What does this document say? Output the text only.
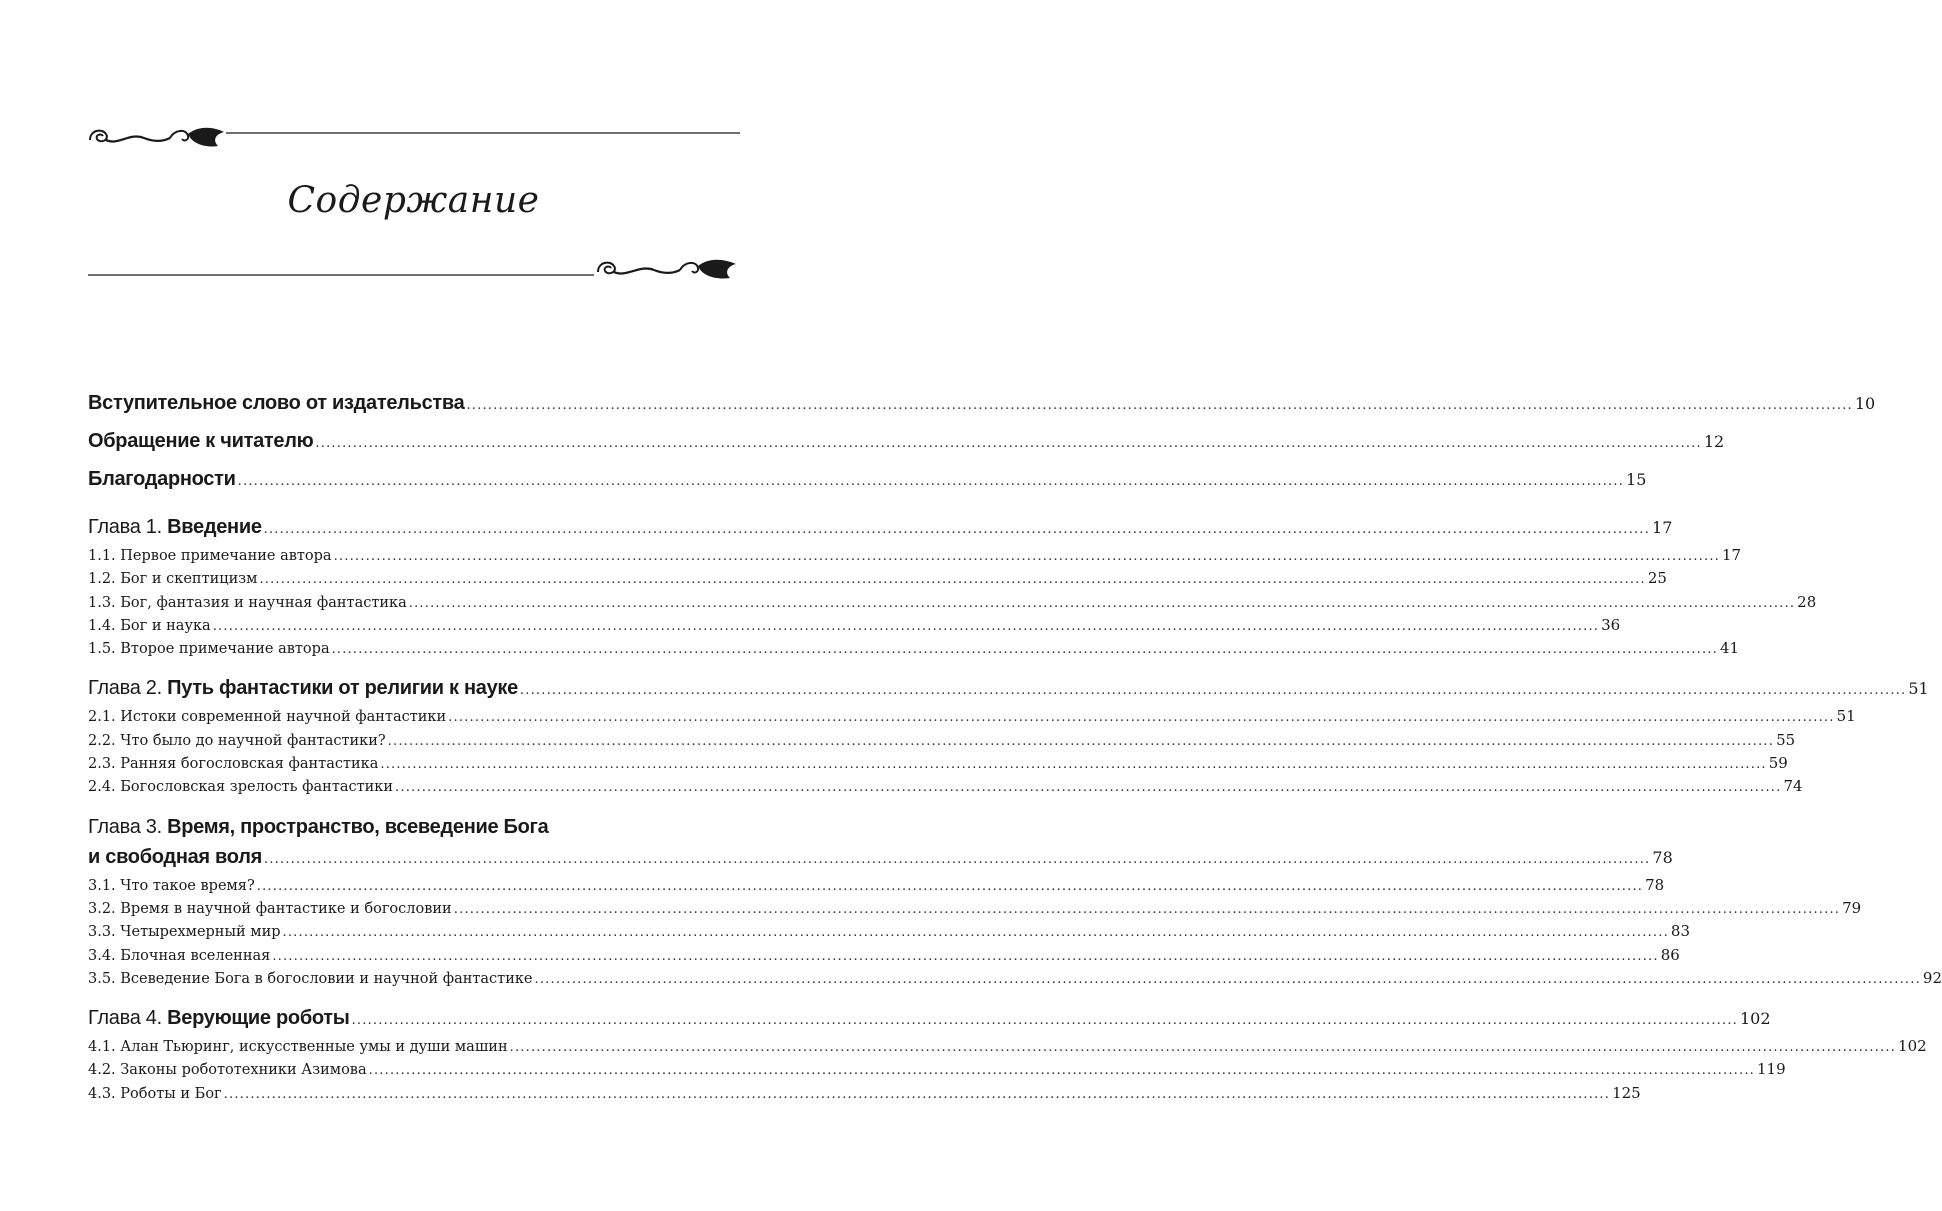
Содержание
Вступительное слово от издательства .................................................................................................................................................................................................................................................................... 10
Обращение к читателю .................................................................................................................................................................................................................................................................... 12
Благодарности .................................................................................................................................................................................................................................................................... 15
Глава 1. Введение .................................................................................................................................................................................................................................................................... 17
1.1. Первое примечание автора .................................................................................................................................................................................................................................................................... 17
1.2. Бог и скептицизм .................................................................................................................................................................................................................................................................... 25
1.3. Бог, фантазия и научная фантастика .................................................................................................................................................................................................................................................................... 28
1.4. Бог и наука .................................................................................................................................................................................................................................................................... 36
1.5. Второе примечание автора .................................................................................................................................................................................................................................................................... 41
Глава 2. Путь фантастики от религии к науке .................................................................................................................................................................................................................................................................... 51
2.1. Истоки современной научной фантастики .................................................................................................................................................................................................................................................................... 51
2.2. Что было до научной фантастики? .................................................................................................................................................................................................................................................................... 55
2.3. Ранняя богословская фантастика .................................................................................................................................................................................................................................................................... 59
2.4. Богословская зрелость фантастики .................................................................................................................................................................................................................................................................... 74
Глава 3. Время, пространство, всеведение Бога
и свободная воля .................................................................................................................................................................................................................................................................... 78
3.1. Что такое время? .................................................................................................................................................................................................................................................................... 78
3.2. Время в научной фантастике и богословии .................................................................................................................................................................................................................................................................... 79
3.3. Четырехмерный мир .................................................................................................................................................................................................................................................................... 83
3.4. Блочная вселенная .................................................................................................................................................................................................................................................................... 86
3.5. Всеведение Бога в богословии и научной фантастике .................................................................................................................................................................................................................................................................... 92
Глава 4. Верующие роботы .................................................................................................................................................................................................................................................................... 102
4.1. Алан Тьюринг, искусственные умы и души машин .................................................................................................................................................................................................................................................................... 102
4.2. Законы робототехники Азимова .................................................................................................................................................................................................................................................................... 119
4.3. Роботы и Бог .................................................................................................................................................................................................................................................................... 125
